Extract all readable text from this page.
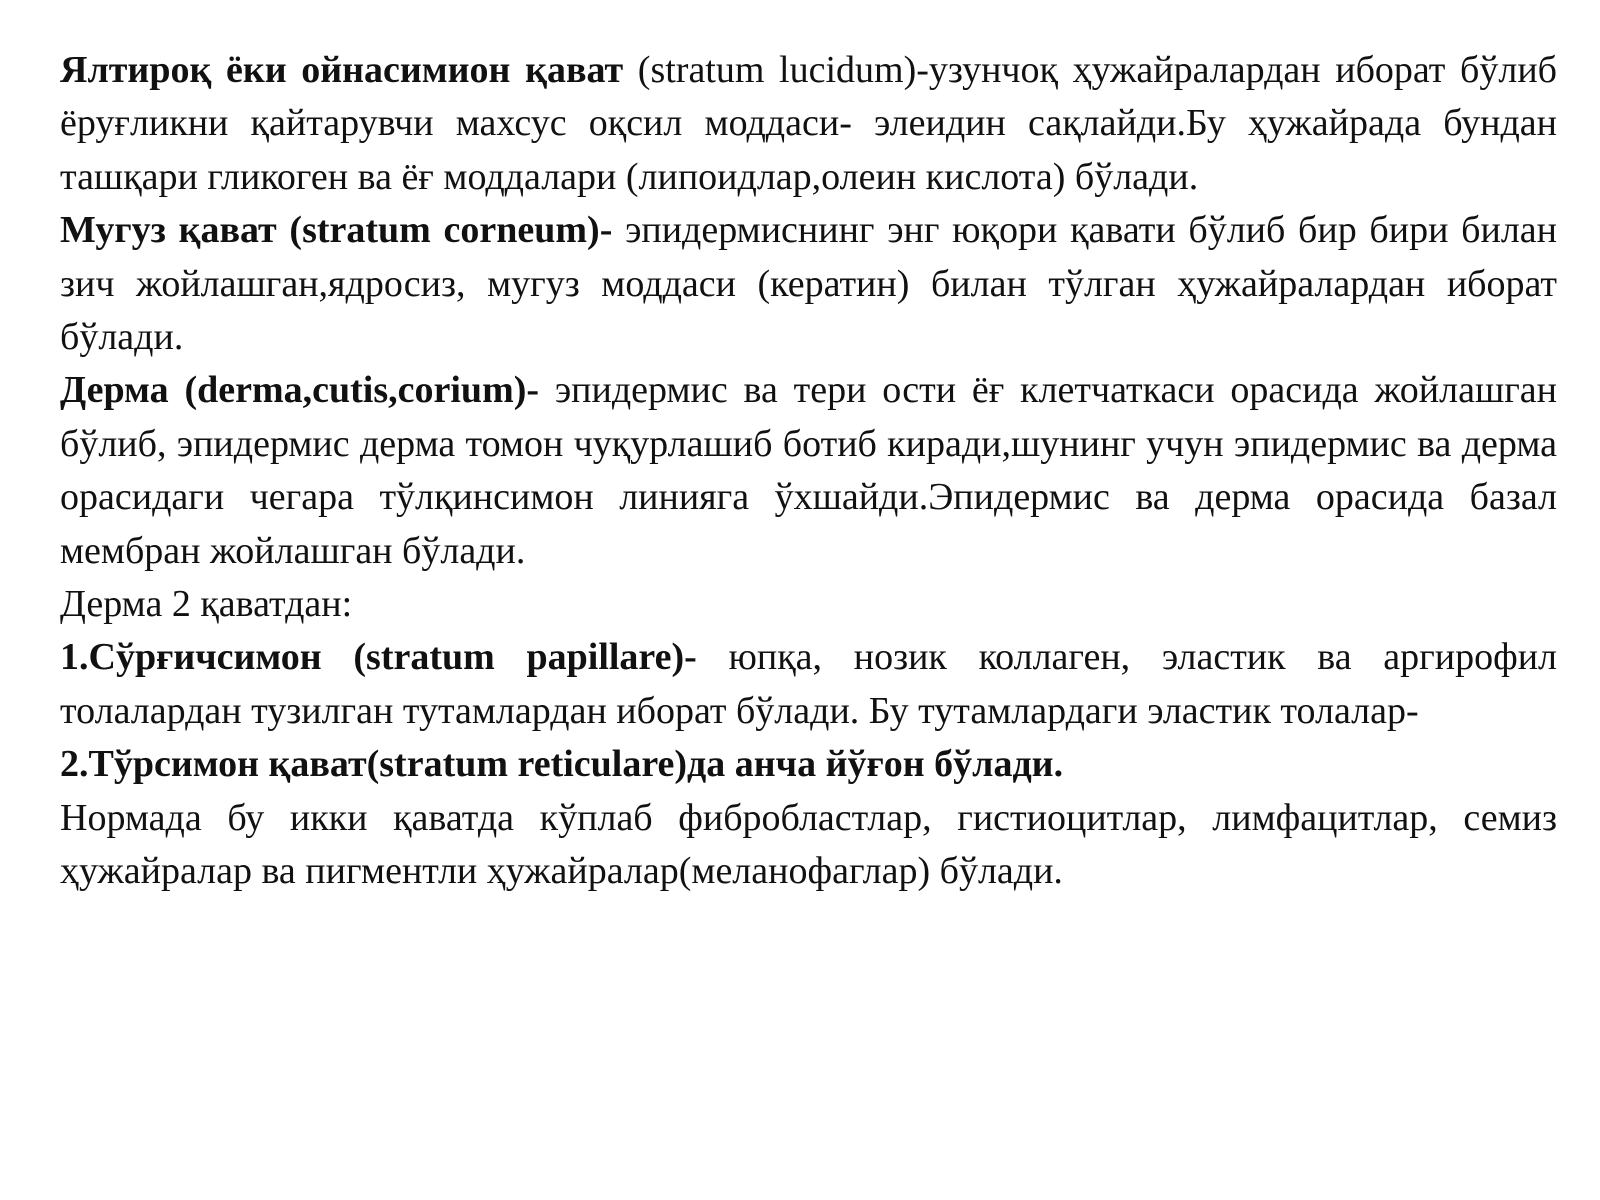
Ялтироқ ёки ойнасимион қават (stratum lucidum)-узунчоқ ҳужайралардан иборат бўлиб ёруғликни қайтарувчи махсус оқсил моддаси- элеидин сақлайди.Бу ҳужайрада бундан ташқари гликоген ва ёғ моддалари (липоидлар,олеин кислота) бўлади.

Мугуз қават (stratum corneum)- эпидермиснинг энг юқори қавати бўлиб бир бири билан зич жойлашган,ядросиз, мугуз моддаси (кератин) билан тўлган ҳужайралардан иборат бўлади.

Дерма (derma,cutis,corium)- эпидермис ва тери ости ёғ клетчаткаси орасида жойлашган бўлиб, эпидермис дерма томон чуқурлашиб ботиб киради,шунинг учун эпидермис ва дерма орасидаги чегара тўлқинсимон линияга ўхшайди.Эпидермис ва дерма орасида базал мембран жойлашган бўлади.

Дерма 2 қаватдан:

1.Сўрғичсимон (stratum papillare)- юпқа, нозик коллаген, эластик ва аргирофил толалардан тузилган тутамлардан иборат бўлади. Бу тутамлардаги эластик толалар-

2.Тўрсимон қават(stratum reticulare)да анча йўғон бўлади.

Нормада бу икки қаватда кўплаб фибробластлар, гистиоцитлар, лимфацитлар, семиз ҳужайралар ва пигментли ҳужайралар(меланофаглар) бўлади.
